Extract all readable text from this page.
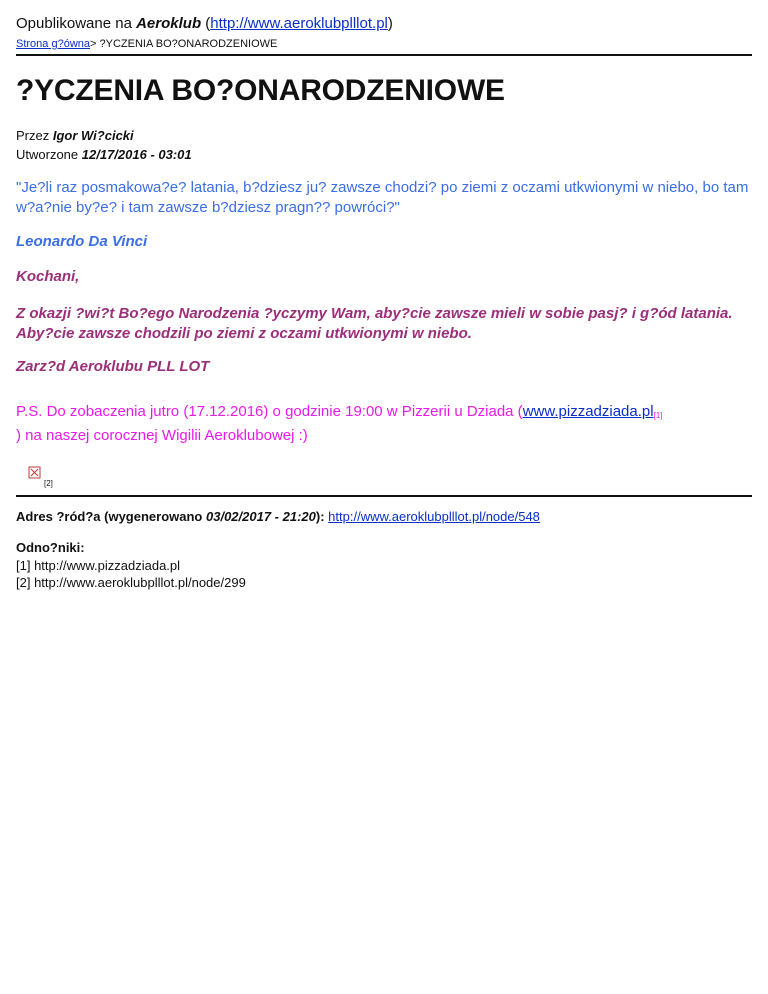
Opublikowane na Aeroklub (http://www.aeroklubplllot.pl)
Strona g?ówna> ?YCZENIA BO?ONARODZENIOWE
?YCZENIA BO?ONARODZENIOWE
Przez Igor Wi?cicki
Utworzone 12/17/2016 - 03:01
"Je?li raz posmakowa?e? latania, b?dziesz ju? zawsze chodzi? po ziemi z oczami utkwionymi w niebo, bo tam w?a?nie by?e? i tam zawsze b?dziesz pragn?? powróci?"
Leonardo Da Vinci
Kochani,
Z okazji ?wi?t Bo?ego Narodzenia ?yczymy Wam, aby?cie zawsze mieli w sobie pasj? i g?ód latania. Aby?cie zawsze chodzili po ziemi z oczami utkwionymi w niebo.
Zarz?d Aeroklubu PLL LOT
P.S. Do zobaczenia jutro (17.12.2016) o godzinie 19:00 w Pizzerii u Dziada (www.pizzadziada.pl[1]
) na naszej corocznej Wigilii Aeroklubowej :)
[2]
Adres ?ród?a (wygenerowano 03/02/2017 - 21:20): http://www.aeroklubplllot.pl/node/548
Odno?niki:
[1] http://www.pizzadziada.pl
[2] http://www.aeroklubplllot.pl/node/299
